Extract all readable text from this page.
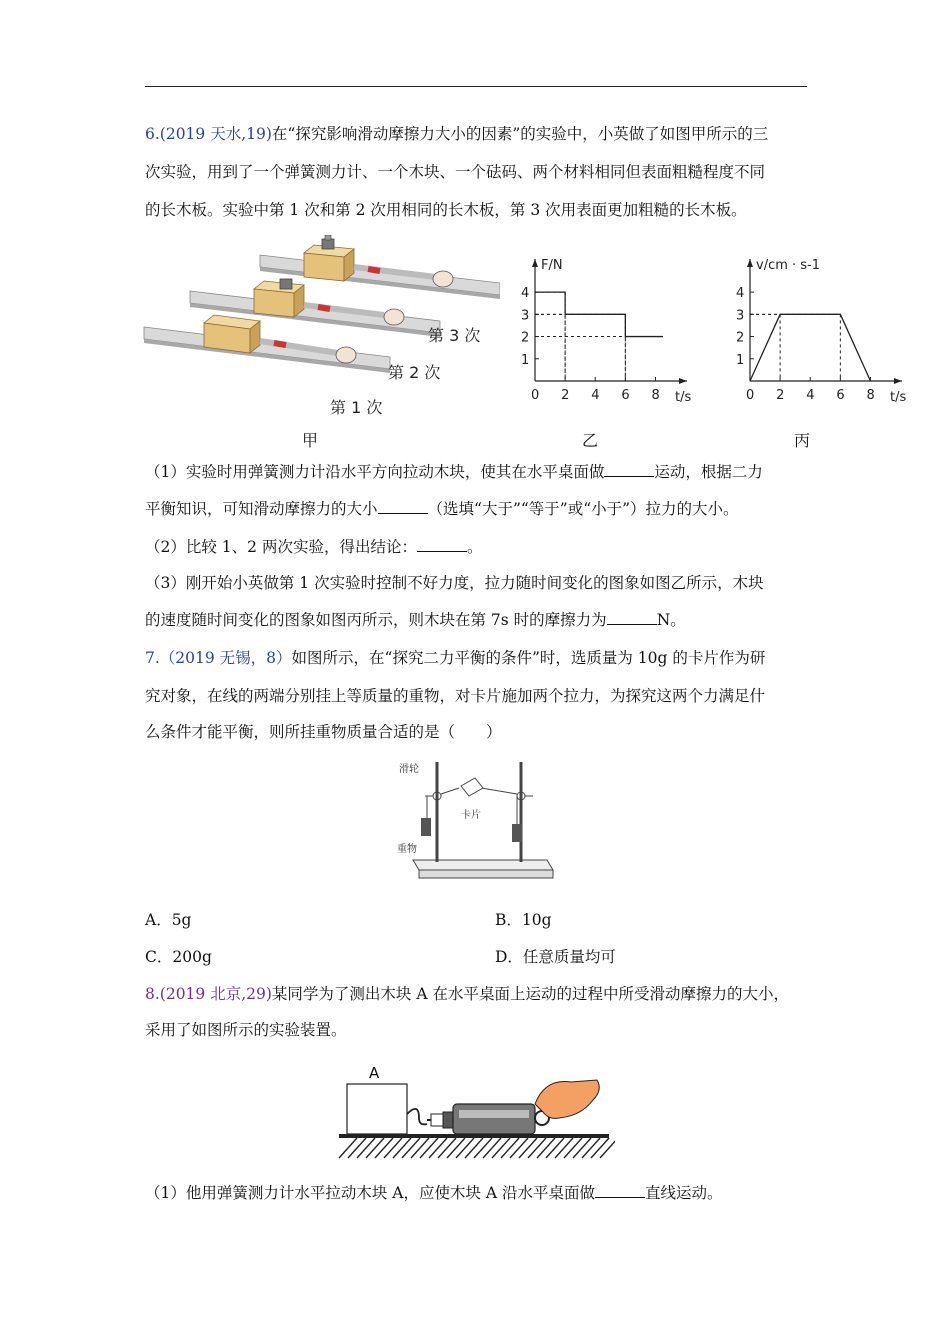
6.(2019 天水,19)在“探究影响滑动摩擦力大小的因素”的实验中，小英做了如图甲所示的三
次实验，用到了一个弹簧测力计、一个木块、一个砝码、两个材料相同但表面粗糙程度不同
的长木板。实验中第 1 次和第 2 次用相同的长木板，第 3 次用表面更加粗糙的长木板。
第 3 次
第 2 次
第 1 次
0 2 4 6 8
1
2
3
4
F/N
t/s	0 2 4 6 8
1
2
3
4
v/cm · s-1
t/s
甲	乙	丙
（1）实验时用弹簧测力计沿水平方向拉动木块，使其在水平桌面做	运动，根据二力
平衡知识，可知滑动摩擦力的大小	（选填“大于”“等于”或“小于”）拉力的大小。
（2）比较 1、2 两次实验，得出结论：	。
（3）刚开始小英做第 1 次实验时控制不好力度，拉力随时间变化的图象如图乙所示，木块
的速度随时间变化的图象如图丙所示，则木块在第 7s 时的摩擦力为	N。
7.（2019 无锡，8）如图所示，在“探究二力平衡的条件”时，选质量为 10g 的卡片作为研
究对象，在线的两端分别挂上等质量的重物，对卡片施加两个拉力，为探究这两个力满足什
么条件才能平衡，则所挂重物质量合适的是（　　）
滑轮
卡片
重物
A．5g	B．10g
C．200g	D．任意质量均可
8.(2019 北京,29)某同学为了测出木块 A 在水平桌面上运动的过程中所受滑动摩擦力的大小，
采用了如图所示的实验装置。
A
（1）他用弹簧测力计水平拉动木块 A，应使木块 A 沿水平桌面做	直线运动。
